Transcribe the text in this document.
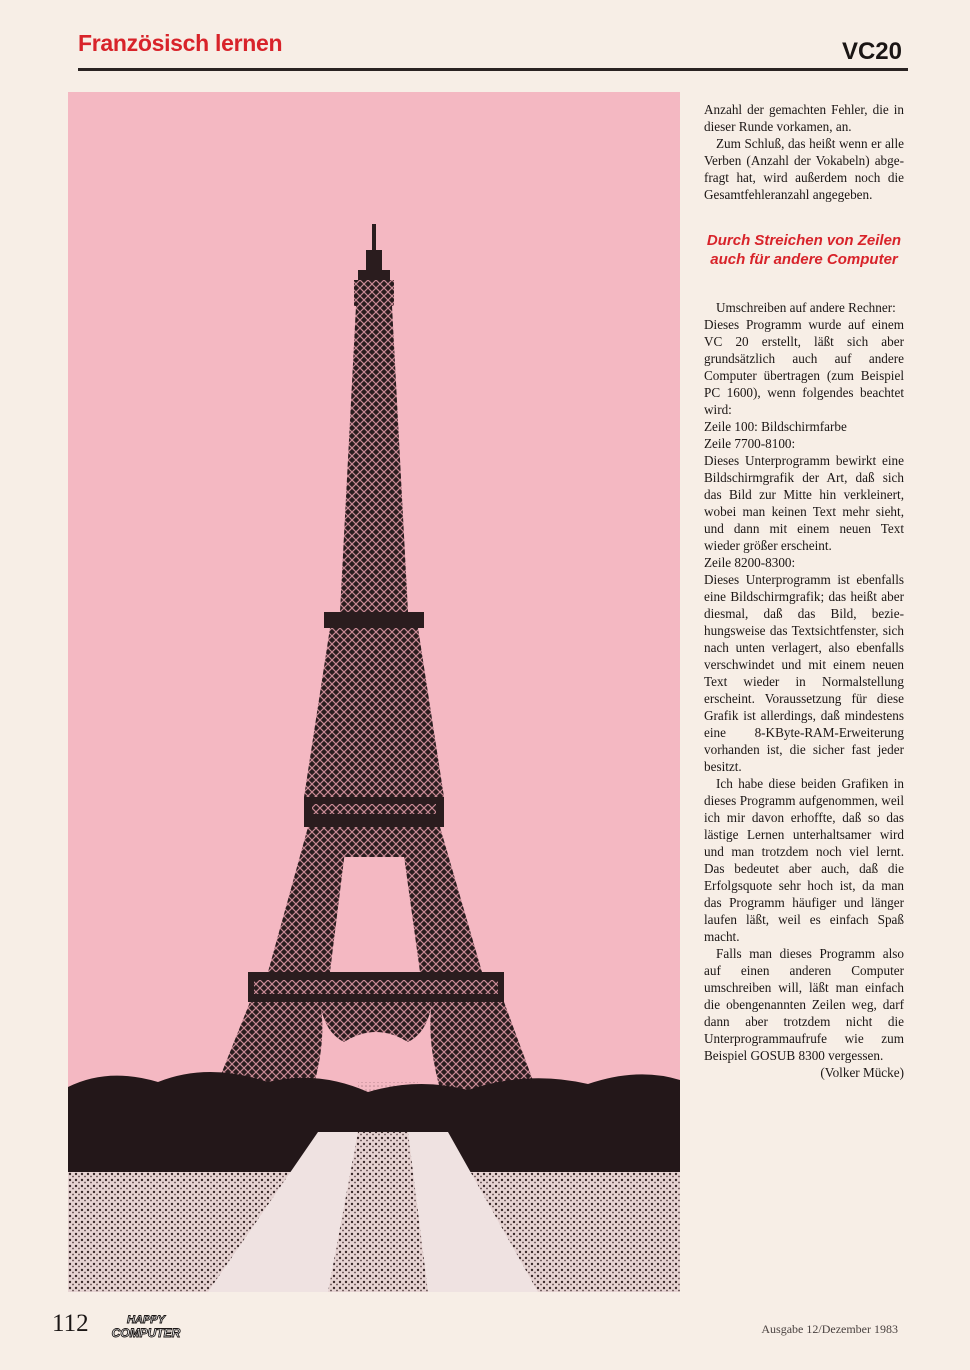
Französisch lernen	VC20

Anzahl der gemachten Fehler, die in dieser Runde vorkamen, an.

Zum Schluß, das heißt wenn er alle Verben (Anzahl der Vokabeln) abgefragt hat, wird außerdem noch die Gesamtfehleranzahl angegeben.

Durch Streichen von Zeilen auch für andere Computer

Umschreiben auf andere Rechner:

Dieses Programm wurde auf einem VC 20 erstellt, läßt sich aber grundsätzlich auch auf andere Computer übertragen (zum Beispiel PC 1600), wenn folgendes beachtet wird:

Zeile 100: Bildschirmfarbe

Zeile 7700-8100:

Dieses Unterprogramm bewirkt eine Bildschirmgrafik der Art, daß sich das Bild zur Mitte hin verkleinert, wobei man keinen Text mehr sieht, und dann mit einem neuen Text wieder größer erscheint.

Zeile 8200-8300:

Dieses Unterprogramm ist ebenfalls eine Bildschirmgrafik; das heißt aber diesmal, daß das Bild, beziehungsweise das Textsichtfenster, sich nach unten verlagert, also ebenfalls verschwindet und mit einem neuen Text wieder in Normalstellung erscheint. Voraussetzung für diese Grafik ist allerdings, daß mindestens eine 8-KByte-RAM-Erweiterung vorhanden ist, die sicher fast jeder besitzt.

Ich habe diese beiden Grafiken in dieses Programm aufgenommen, weil ich mir davon erhoffte, daß so das lästige Lernen unterhaltsamer wird und man trotzdem noch viel lernt. Das bedeutet aber auch, daß die Erfolgsquote sehr hoch ist, da man das Programm häufiger und länger laufen läßt, weil es einfach Spaß macht.

Falls man dieses Programm also auf einen anderen Computer umschreiben will, läßt man einfach die obengenannten Zeilen weg, darf dann aber trotzdem nicht die Unterprogrammaufrufe wie zum Beispiel GOSUB 8300 vergessen.

(Volker Mücke)

112	HAPPY
COMPUTER	Ausgabe 12/Dezember 1983
